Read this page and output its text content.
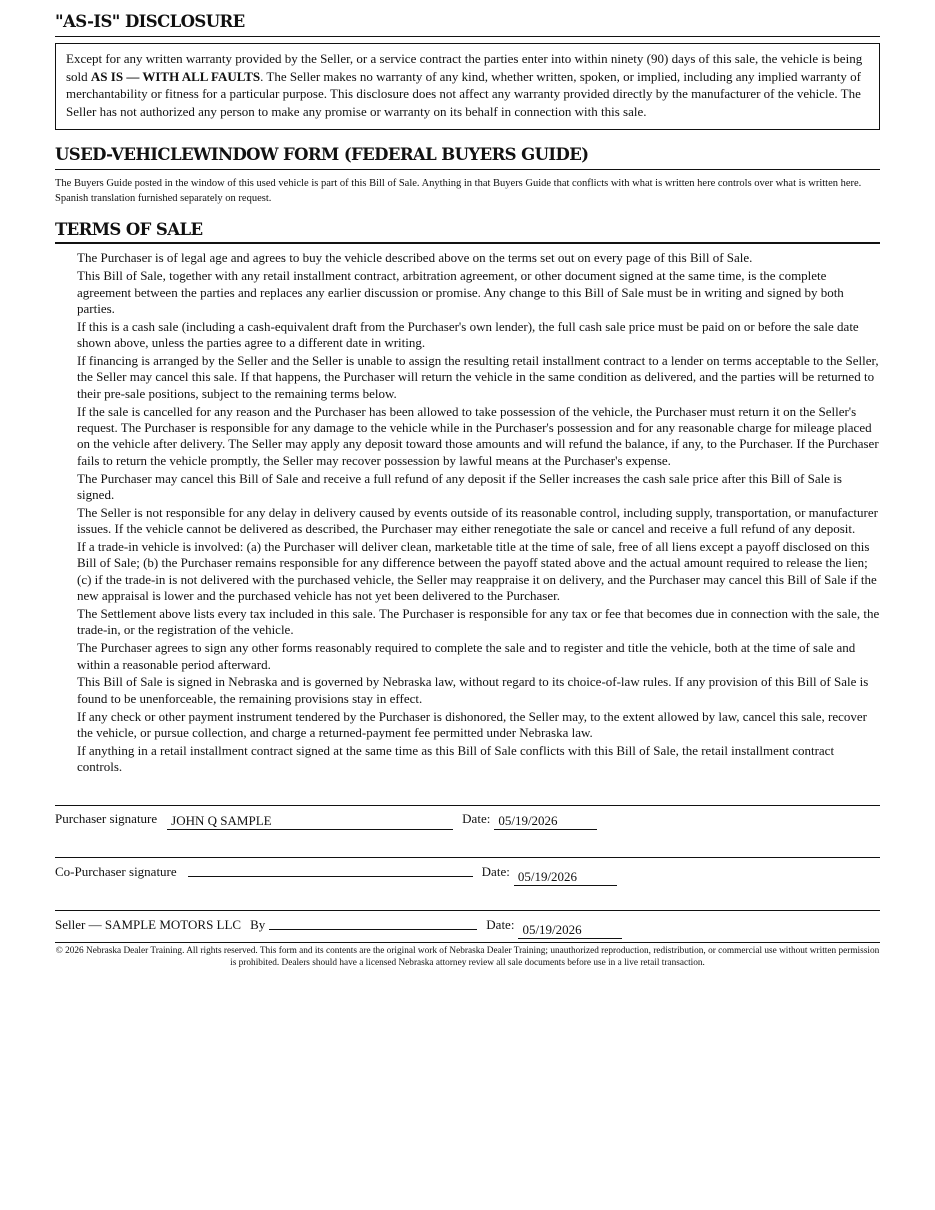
"AS-IS" DISCLOSURE
Except for any written warranty provided by the Seller, or a service contract the parties enter into within ninety (90) days of this sale, the vehicle is being sold AS IS — WITH ALL FAULTS. The Seller makes no warranty of any kind, whether written, spoken, or implied, including any implied warranty of merchantability or fitness for a particular purpose. This disclosure does not affect any warranty provided directly by the manufacturer of the vehicle. The Seller has not authorized any person to make any promise or warranty on its behalf in connection with this sale.
USED-VEHICLEWINDOW FORM (FEDERAL BUYERS GUIDE)
The Buyers Guide posted in the window of this used vehicle is part of this Bill of Sale. Anything in that Buyers Guide that conflicts with what is written here controls over what is written here. Spanish translation furnished separately on request.
TERMS OF SALE
The Purchaser is of legal age and agrees to buy the vehicle described above on the terms set out on every page of this Bill of Sale.
This Bill of Sale, together with any retail installment contract, arbitration agreement, or other document signed at the same time, is the complete agreement between the parties and replaces any earlier discussion or promise. Any change to this Bill of Sale must be in writing and signed by both parties.
If this is a cash sale (including a cash-equivalent draft from the Purchaser's own lender), the full cash sale price must be paid on or before the sale date shown above, unless the parties agree to a different date in writing.
If financing is arranged by the Seller and the Seller is unable to assign the resulting retail installment contract to a lender on terms acceptable to the Seller, the Seller may cancel this sale. If that happens, the Purchaser will return the vehicle in the same condition as delivered, and the parties will be returned to their pre-sale positions, subject to the remaining terms below.
If the sale is cancelled for any reason and the Purchaser has been allowed to take possession of the vehicle, the Purchaser must return it on the Seller's request. The Purchaser is responsible for any damage to the vehicle while in the Purchaser's possession and for any reasonable charge for mileage placed on the vehicle after delivery. The Seller may apply any deposit toward those amounts and will refund the balance, if any, to the Purchaser. If the Purchaser fails to return the vehicle promptly, the Seller may recover possession by lawful means at the Purchaser's expense.
The Purchaser may cancel this Bill of Sale and receive a full refund of any deposit if the Seller increases the cash sale price after this Bill of Sale is signed.
The Seller is not responsible for any delay in delivery caused by events outside of its reasonable control, including supply, transportation, or manufacturer issues. If the vehicle cannot be delivered as described, the Purchaser may either renegotiate the sale or cancel and receive a full refund of any deposit.
If a trade-in vehicle is involved: (a) the Purchaser will deliver clean, marketable title at the time of sale, free of all liens except a payoff disclosed on this Bill of Sale; (b) the Purchaser remains responsible for any difference between the payoff stated above and the actual amount required to release the lien; (c) if the trade-in is not delivered with the purchased vehicle, the Seller may reappraise it on delivery, and the Purchaser may cancel this Bill of Sale if the new appraisal is lower and the purchased vehicle has not yet been delivered to the Purchaser.
The Settlement above lists every tax included in this sale. The Purchaser is responsible for any tax or fee that becomes due in connection with the sale, the trade-in, or the registration of the vehicle.
The Purchaser agrees to sign any other forms reasonably required to complete the sale and to register and title the vehicle, both at the time of sale and within a reasonable period afterward.
This Bill of Sale is signed in Nebraska and is governed by Nebraska law, without regard to its choice-of-law rules. If any provision of this Bill of Sale is found to be unenforceable, the remaining provisions stay in effect.
If any check or other payment instrument tendered by the Purchaser is dishonored, the Seller may, to the extent allowed by law, cancel this sale, recover the vehicle, or pursue collection, and charge a returned-payment fee permitted under Nebraska law.
If anything in a retail installment contract signed at the same time as this Bill of Sale conflicts with this Bill of Sale, the retail installment contract controls.
Purchaser signature	JOHN Q SAMPLE	Date: 05/19/2026
Co-Purchaser signature	Date: 05/19/2026
Seller — SAMPLE MOTORS LLC By	Date: 05/19/2026
© 2026 Nebraska Dealer Training. All rights reserved. This form and its contents are the original work of Nebraska Dealer Training; unauthorized reproduction, redistribution, or commercial use without written permission is prohibited. Dealers should have a licensed Nebraska attorney review all sale documents before use in a live retail transaction.
